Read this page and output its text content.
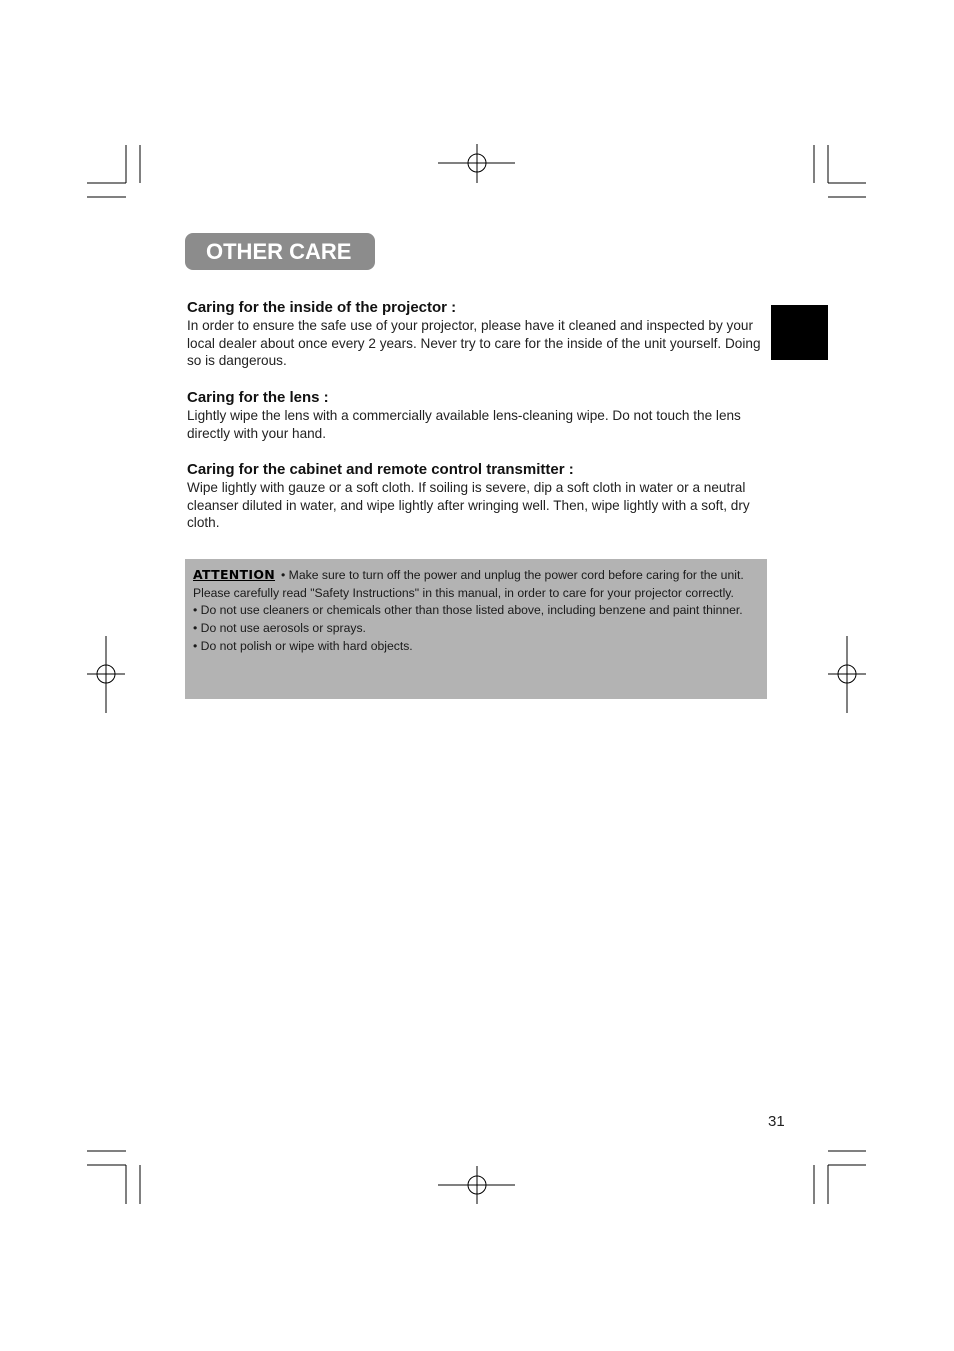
OTHER CARE
Caring for the inside of the projector :

In order to ensure the safe use of your projector, please have it cleaned and inspected by your local dealer about once every 2 years. Never try to care for the inside of the unit yourself. Doing so is dangerous.

Caring for the lens :

Lightly wipe the lens with a commercially available lens-cleaning wipe. Do not touch the lens directly with your hand.

Caring for the cabinet and remote control transmitter :

Wipe lightly with gauze or a soft cloth. If soiling is severe, dip a soft cloth in water or a neutral cleanser diluted in water, and wipe lightly after wringing well. Then, wipe lightly with a soft, dry cloth.

ATTENTION • Make sure to turn off the power and unplug the power cord before caring for the unit. Please carefully read "Safety Instructions" in this manual, in order to care for your projector correctly.
• Do not use cleaners or chemicals other than those listed above, including benzene and paint thinner.
• Do not use aerosols or sprays.
• Do not polish or wipe with hard objects.
31
